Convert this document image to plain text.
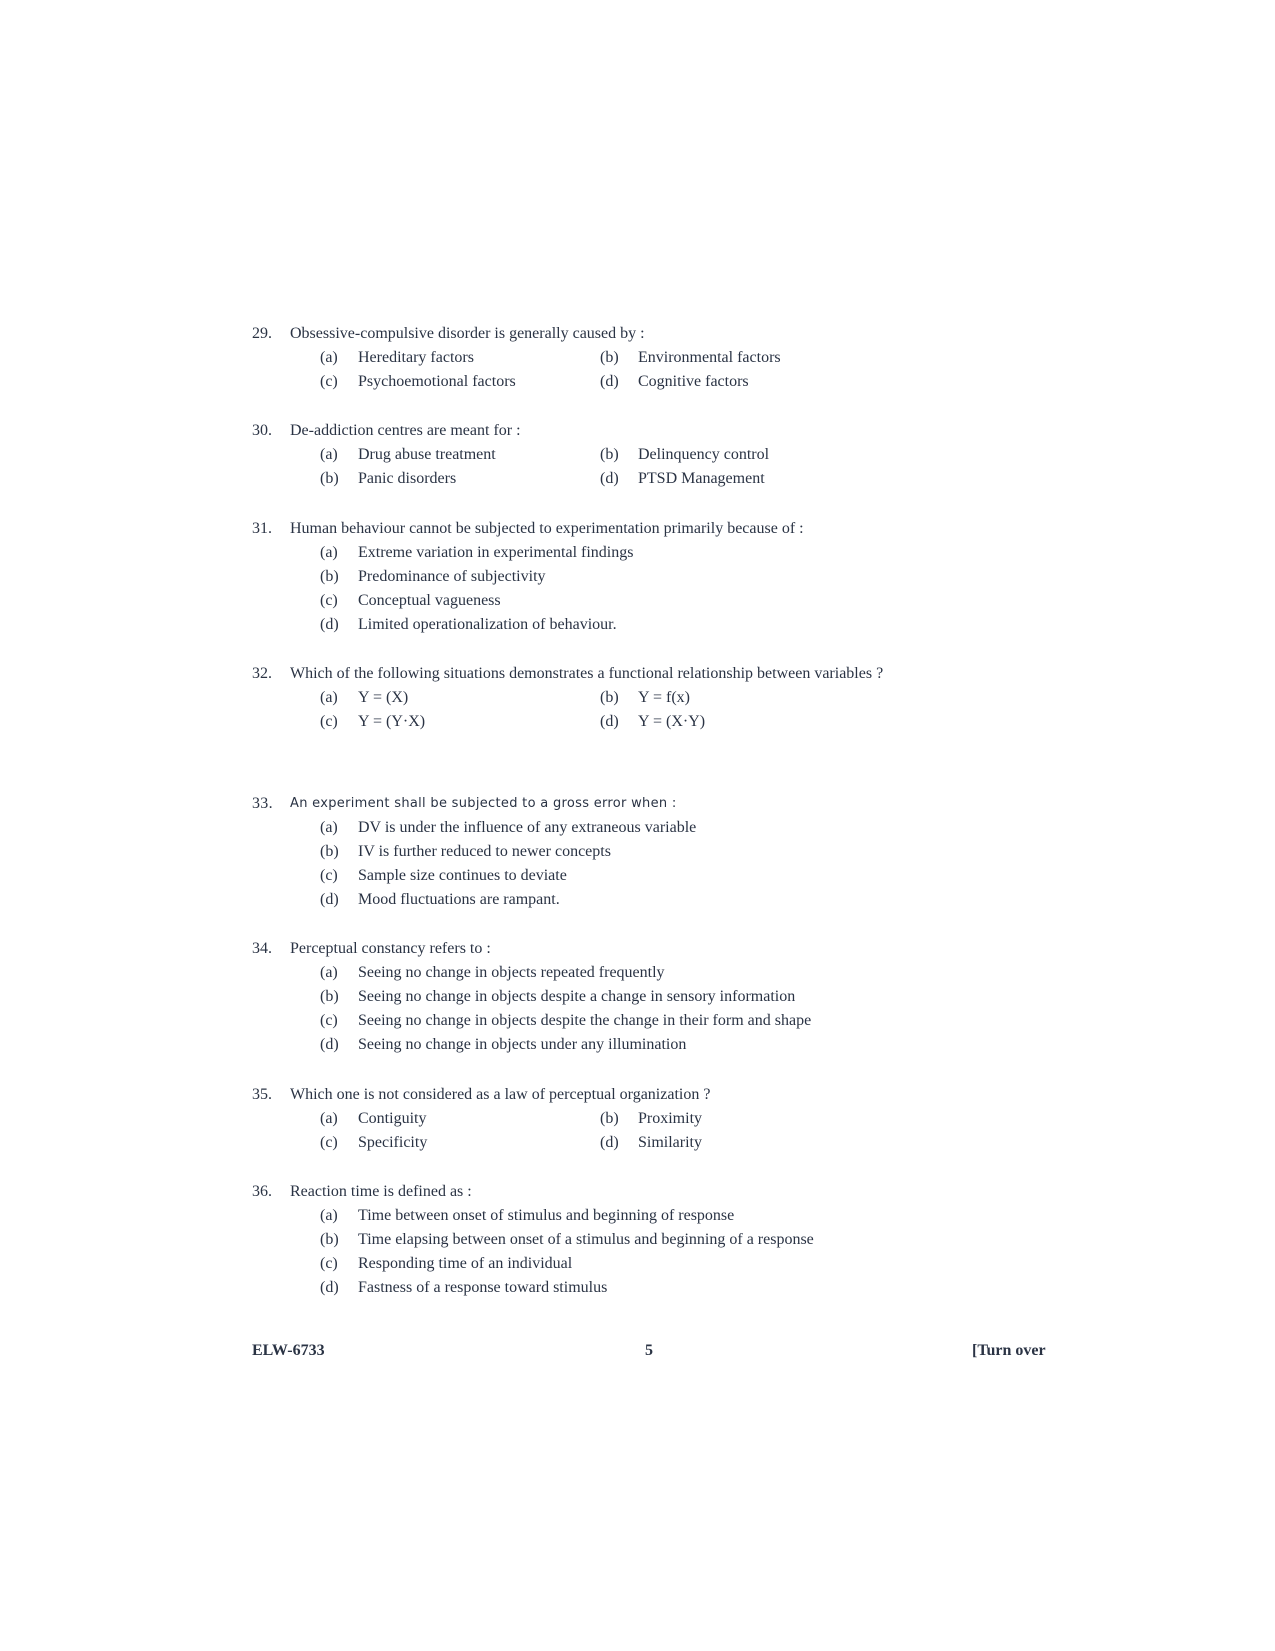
29. Obsessive-compulsive disorder is generally caused by :
(a) Hereditary factors	(b) Environmental factors
(c) Psychoemotional factors	(d) Cognitive factors
30. De-addiction centres are meant for :
(a) Drug abuse treatment	(b) Delinquency control
(b) Panic disorders	(d) PTSD Management
31. Human behaviour cannot be subjected to experimentation primarily because of :
(a) Extreme variation in experimental findings
(b) Predominance of subjectivity
(c) Conceptual vagueness
(d) Limited operationalization of behaviour.
32. Which of the following situations demonstrates a functional relationship between variables ?
(a) Y = (X)	(b) Y = f(x)
(c) Y = (Y·X)	(d) Y = (X·Y)
33. An experiment shall be subjected to a gross error when :
(a) DV is under the influence of any extraneous variable
(b) IV is further reduced to newer concepts
(c) Sample size continues to deviate
(d) Mood fluctuations are rampant.
34. Perceptual constancy refers to :
(a) Seeing no change in objects repeated frequently
(b) Seeing no change in objects despite a change in sensory information
(c) Seeing no change in objects despite the change in their form and shape
(d) Seeing no change in objects under any illumination
35. Which one is not considered as a law of perceptual organization ?
(a) Contiguity	(b) Proximity
(c) Specificity	(d) Similarity
36. Reaction time is defined as :
(a) Time between onset of stimulus and beginning of response
(b) Time elapsing between onset of a stimulus and beginning of a response
(c) Responding time of an individual
(d) Fastness of a response toward stimulus
ELW-6733	5	[Turn over
